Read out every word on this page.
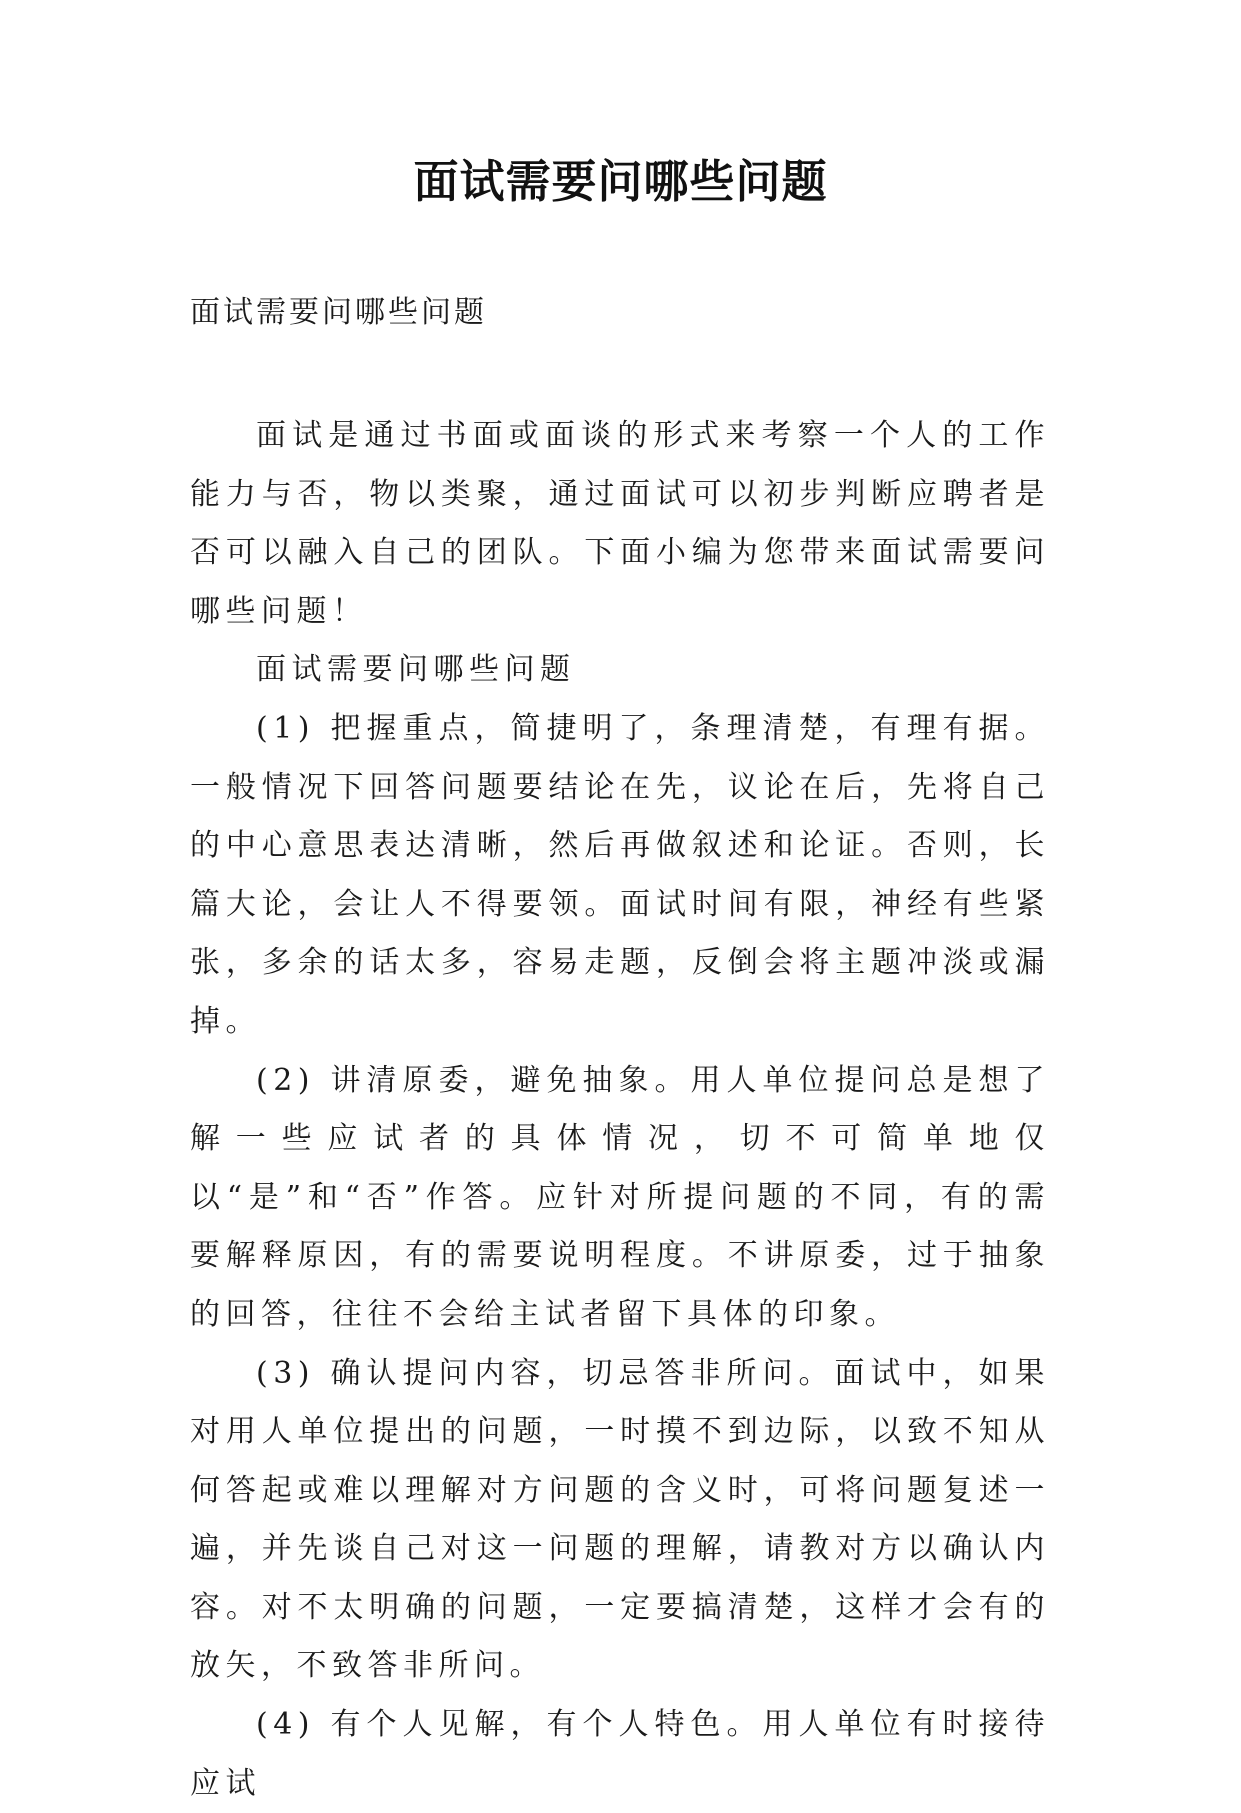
面试需要问哪些问题
面试需要问哪些问题

面试是通过书面或面谈的形式来考察一个人的工作能力与否，物以类聚，通过面试可以初步判断应聘者是否可以融入自己的团队。下面小编为您带来面试需要问哪些问题！

面试需要问哪些问题

(1) 把握重点，简捷明了，条理清楚，有理有据。一般情况下回答问题要结论在先，议论在后，先将自己的中心意思表达清晰，然后再做叙述和论证。否则，长篇大论，会让人不得要领。面试时间有限，神经有些紧张，多余的话太多，容易走题，反倒会将主题冲淡或漏掉。

(2) 讲清原委，避免抽象。用人单位提问总是想了解一些应试者的具体情况，切不可简单地仅以“是”和“否”作答。应针对所提问题的不同，有的需要解释原因，有的需要说明程度。不讲原委，过于抽象的回答，往往不会给主试者留下具体的印象。

(3) 确认提问内容，切忌答非所问。面试中，如果对用人单位提出的问题，一时摸不到边际，以致不知从何答起或难以理解对方问题的含义时，可将问题复述一遍，并先谈自己对这一问题的理解，请教对方以确认内容。对不太明确的问题，一定要搞清楚，这样才会有的放矢，不致答非所问。

(4) 有个人见解，有个人特色。用人单位有时接待应试
